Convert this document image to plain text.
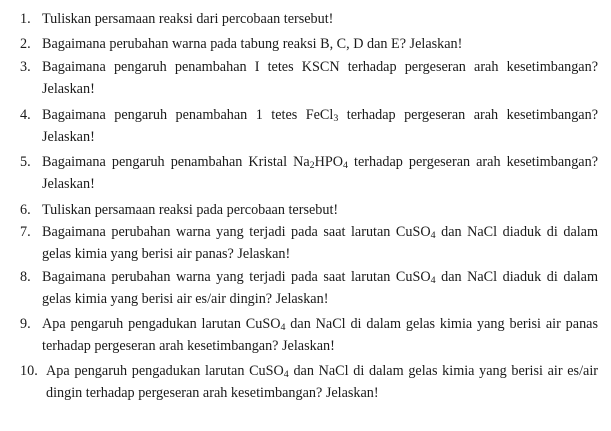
1. Tuliskan persamaan reaksi dari percobaan tersebut!
2. Bagaimana perubahan warna pada tabung reaksi B, C, D dan E? Jelaskan!
3. Bagaimana pengaruh penambahan I tetes KSCN terhadap pergeseran arah kesetimbangan? Jelaskan!
4. Bagaimana pengaruh penambahan 1 tetes FeCl$_3$ terhadap pergeseran arah kesetimbangan? Jelaskan!
5. Bagaimana pengaruh penambahan Kristal $Na_2HPO_4$ terhadap pergeseran arah kesetimbangan? Jelaskan!
6. Tuliskan persamaan reaksi pada percobaan tersebut!
7. Bagaimana perubahan warna yang terjadi pada saat larutan CuSO$_4$ dan NaCl diaduk di dalam gelas kimia yang berisi air panas? Jelaskan!
8. Bagaimana perubahan warna yang terjadi pada saat larutan CuSO$_4$ dan NaCl diaduk di dalam gelas kimia yang berisi air es/air dingin? Jelaskan!
9. Apa pengaruh pengadukan larutan CuSO$_4$ dan NaCl di dalam gelas kimia yang berisi air panas terhadap pergeseran arah kesetimbangan? Jelaskan!
10. Apa pengaruh pengadukan larutan CuSO$_4$ dan NaCl di dalam gelas kimia yang berisi air es/air dingin terhadap pergeseran arah kesetimbangan? Jelaskan!
